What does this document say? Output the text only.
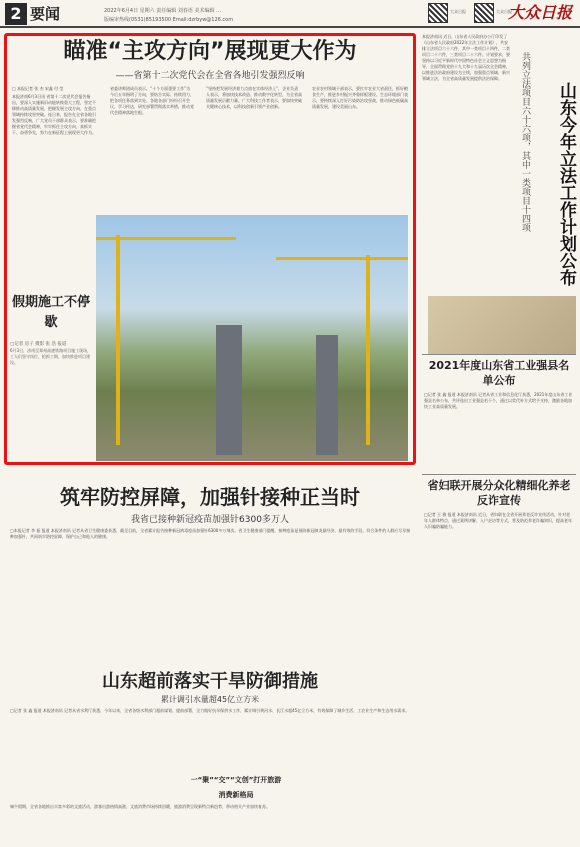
2 要闻	2022年6月4日 星期六 责任编辑 刘春语 美术编辑 …
版编审热线(0531)85193500 Email:dzrbyw@126.com
大众日报	大众日报
大众日报
瞄准“主攻方向”展现更大作为
——省第十二次党代会在全省各地引发强烈反响
□ 本报记者 张 杰 宋鑫 付 莹
本报济南6月3日讯 省第十二次党代会报告指出，要深入实施新旧动能转换重大工程，坚定不移推动高质量发展，把握发展主攻方向，在重点领域持续攻坚突破。连日来，报告在全省各地引发强烈反响，广大党员干部群众表示，要准确把握省党代会精神，牢牢抓住主攻方向，真抓实干、奋勇争先，努力在新征程上展现更大作为。
省委讲师团成员表示，“十个方面重要工作”为今后五年指明了方向，要结合实际、持续用力，把各项任务落到实处。各地各部门纷纷召开会议，学习传达，研究部署贯彻落实举措，推动党代会精神落地生根。
“坚持把发展经济着力点放在实体经济上”，企业负责人表示，将加快技术改造、推动数字化转型，为全省高质量发展贡献力量。广大科技工作者表示，要加快突破关键核心技术，以科技创新引领产业创新。
农业农村领域干部表示，要扛牢农业大省责任，抓好粮食生产，推进乡村振兴齐鲁样板建设。生态环境部门表示，要持续深入打好污染防治攻坚战，推动绿色低碳高质量发展，建设美丽山东。
假期施工不停歇
□记者 房子 摄影 张 浩 报道
6月3日，济南至郑州高速铁路项目施工现场，工人们坚守岗位，抢抓工期，加快推进项目建设。
本报济南讯 近日，山东省人民政府办公厅印发了《山东省人民政府2022年立法工作计划》，共安排立法项目六十六件，其中一类项目十四件，二类项目二十六件，三类项目二十六件。计划要求，要坚持以习近平新时代中国特色社会主义思想为指导，全面贯彻党的十九大和十九届历次全会精神，以推进法治政府建设为主线，加强重点领域、新兴领域立法，为全省高质量发展提供法治保障。
山东今年立法工作计划公布
共列立法项目六十六项，其中一类项目十四项
2021年度山东省工业强县名单公布
□记者 张 鑫 报道 本报济南讯 记者从省工业和信息化厅获悉，2021年度山东省工业强县名单公布，共评选出工业强县若干个，通过以奖代补方式给予支持，激励各地加快工业高质量发展。
省妇联开展分众化精细化养老反诈宣传
□记者 王 雅 报道 本报济南讯 近日，省妇联在全省开展养老反诈宣传活动，针对老年人群体特点，通过案例讲解、入户走访等方式，普及防范养老诈骗知识，提高老年人识骗防骗能力。
筑牢防控屏障，加强针接种正当时
我省已接种新冠疫苗加强针6300多万人
□本报记者 李 振 报道 本报济南讯 记者从省卫生健康委获悉，截至目前，全省累计报告接种新冠病毒疫苗加强针6300多万剂次。省卫生健康部门提醒，接种疫苗是预防新冠肺炎最经济、最有效的手段，符合条件的人群应尽早接种加强针，共同筑牢防控屏障，保护自己和他人的健康。
山东超前落实干旱防御措施
累计调引水量超45亿立方米
□记者 张 鑫 报道 本报济南讯 记者从省水利厅获悉，今年以来，全省各级水利部门超前谋划、提前部署，全力做好抗旱保供水工作，累计调引黄河水、长江水超45亿立方米，有效保障了城乡生活、工农业生产和生态用水需求。
一“聚”“交”“文创”打开旅游
消费新格局
端午假期，全省各地推出丰富多彩的文旅活动，游客出游热情高涨，文旅消费市场持续回暖，旅游消费呈现新特点新趋势，带动相关产业加快复苏。
